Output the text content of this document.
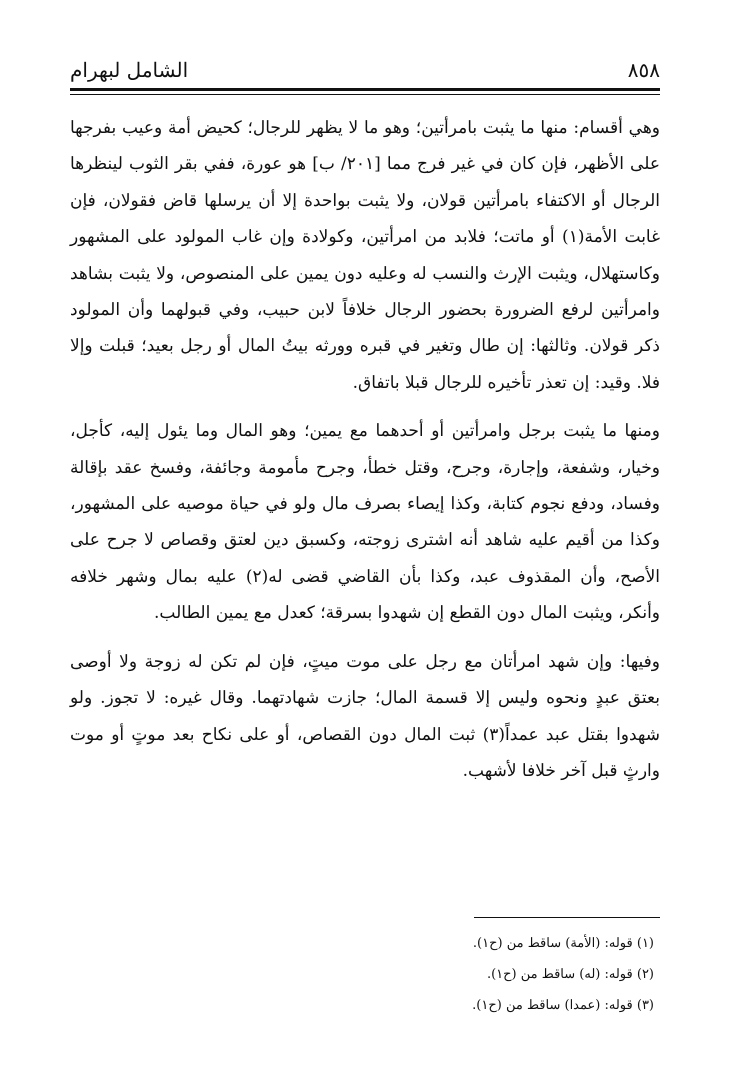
الشامل لبهرام	٨٥٨

وهي أقسام: منها ما يثبت بامرأتين؛ وهو ما لا يظهر للرجال؛ كحيض أمة وعيب بفرجها على الأظهر، فإن كان في غير فرج مما [٢٠١/ ب] هو عورة، ففي بقر الثوب لينظرها الرجال أو الاكتفاء بامرأتين قولان، ولا يثبت بواحدة إلا أن يرسلها قاض فقولان، فإن غابت الأمة(١) أو ماتت؛ فلابد من امرأتين، وكولادة وإن غاب المولود على المشهور وكاستهلال، ويثبت الإرث والنسب له وعليه دون يمين على المنصوص، ولا يثبت بشاهد وامرأتين لرفع الضرورة بحضور الرجال خلافاً لابن حبيب، وفي قبولهما وأن المولود ذكر قولان. وثالثها: إن طال وتغير في قبره وورثه بيتُ المال أو رجل بعيد؛ قبلت وإلا فلا. وقيد: إن تعذر تأخيره للرجال قبلا باتفاق.

ومنها ما يثبت برجل وامرأتين أو أحدهما مع يمين؛ وهو المال وما يئول إليه، كأجل، وخيار، وشفعة، وإجارة، وجرح، وقتل خطأ، وجرح مأمومة وجائفة، وفسخ عقد بإقالة وفساد، ودفع نجوم كتابة، وكذا إيصاء بصرف مال ولو في حياة موصيه على المشهور، وكذا من أقيم عليه شاهد أنه اشترى زوجته، وكسبق دين لعتق وقصاص لا جرح على الأصح، وأن المقذوف عبد، وكذا بأن القاضي قضى له(٢) عليه بمال وشهر خلافه وأنكر، ويثبت المال دون القطع إن شهدوا بسرقة؛ كعدل مع يمين الطالب.

وفيها: وإن شهد امرأتان مع رجل على موت ميتٍ، فإن لم تكن له زوجة ولا أوصى بعتق عبدٍ ونحوه وليس إلا قسمة المال؛ جازت شهادتهما. وقال غيره: لا تجوز. ولو شهدوا بقتل عبد عمداً(٣) ثبت المال دون القصاص، أو على نكاح بعد موتٍ أو موت وارثٍ قبل آخر خلافا لأشهب.

(١) قوله: (الأمة) ساقط من (ح١).
(٢) قوله: (له) ساقط من (ح١).
(٣) قوله: (عمدا) ساقط من (ح١).
